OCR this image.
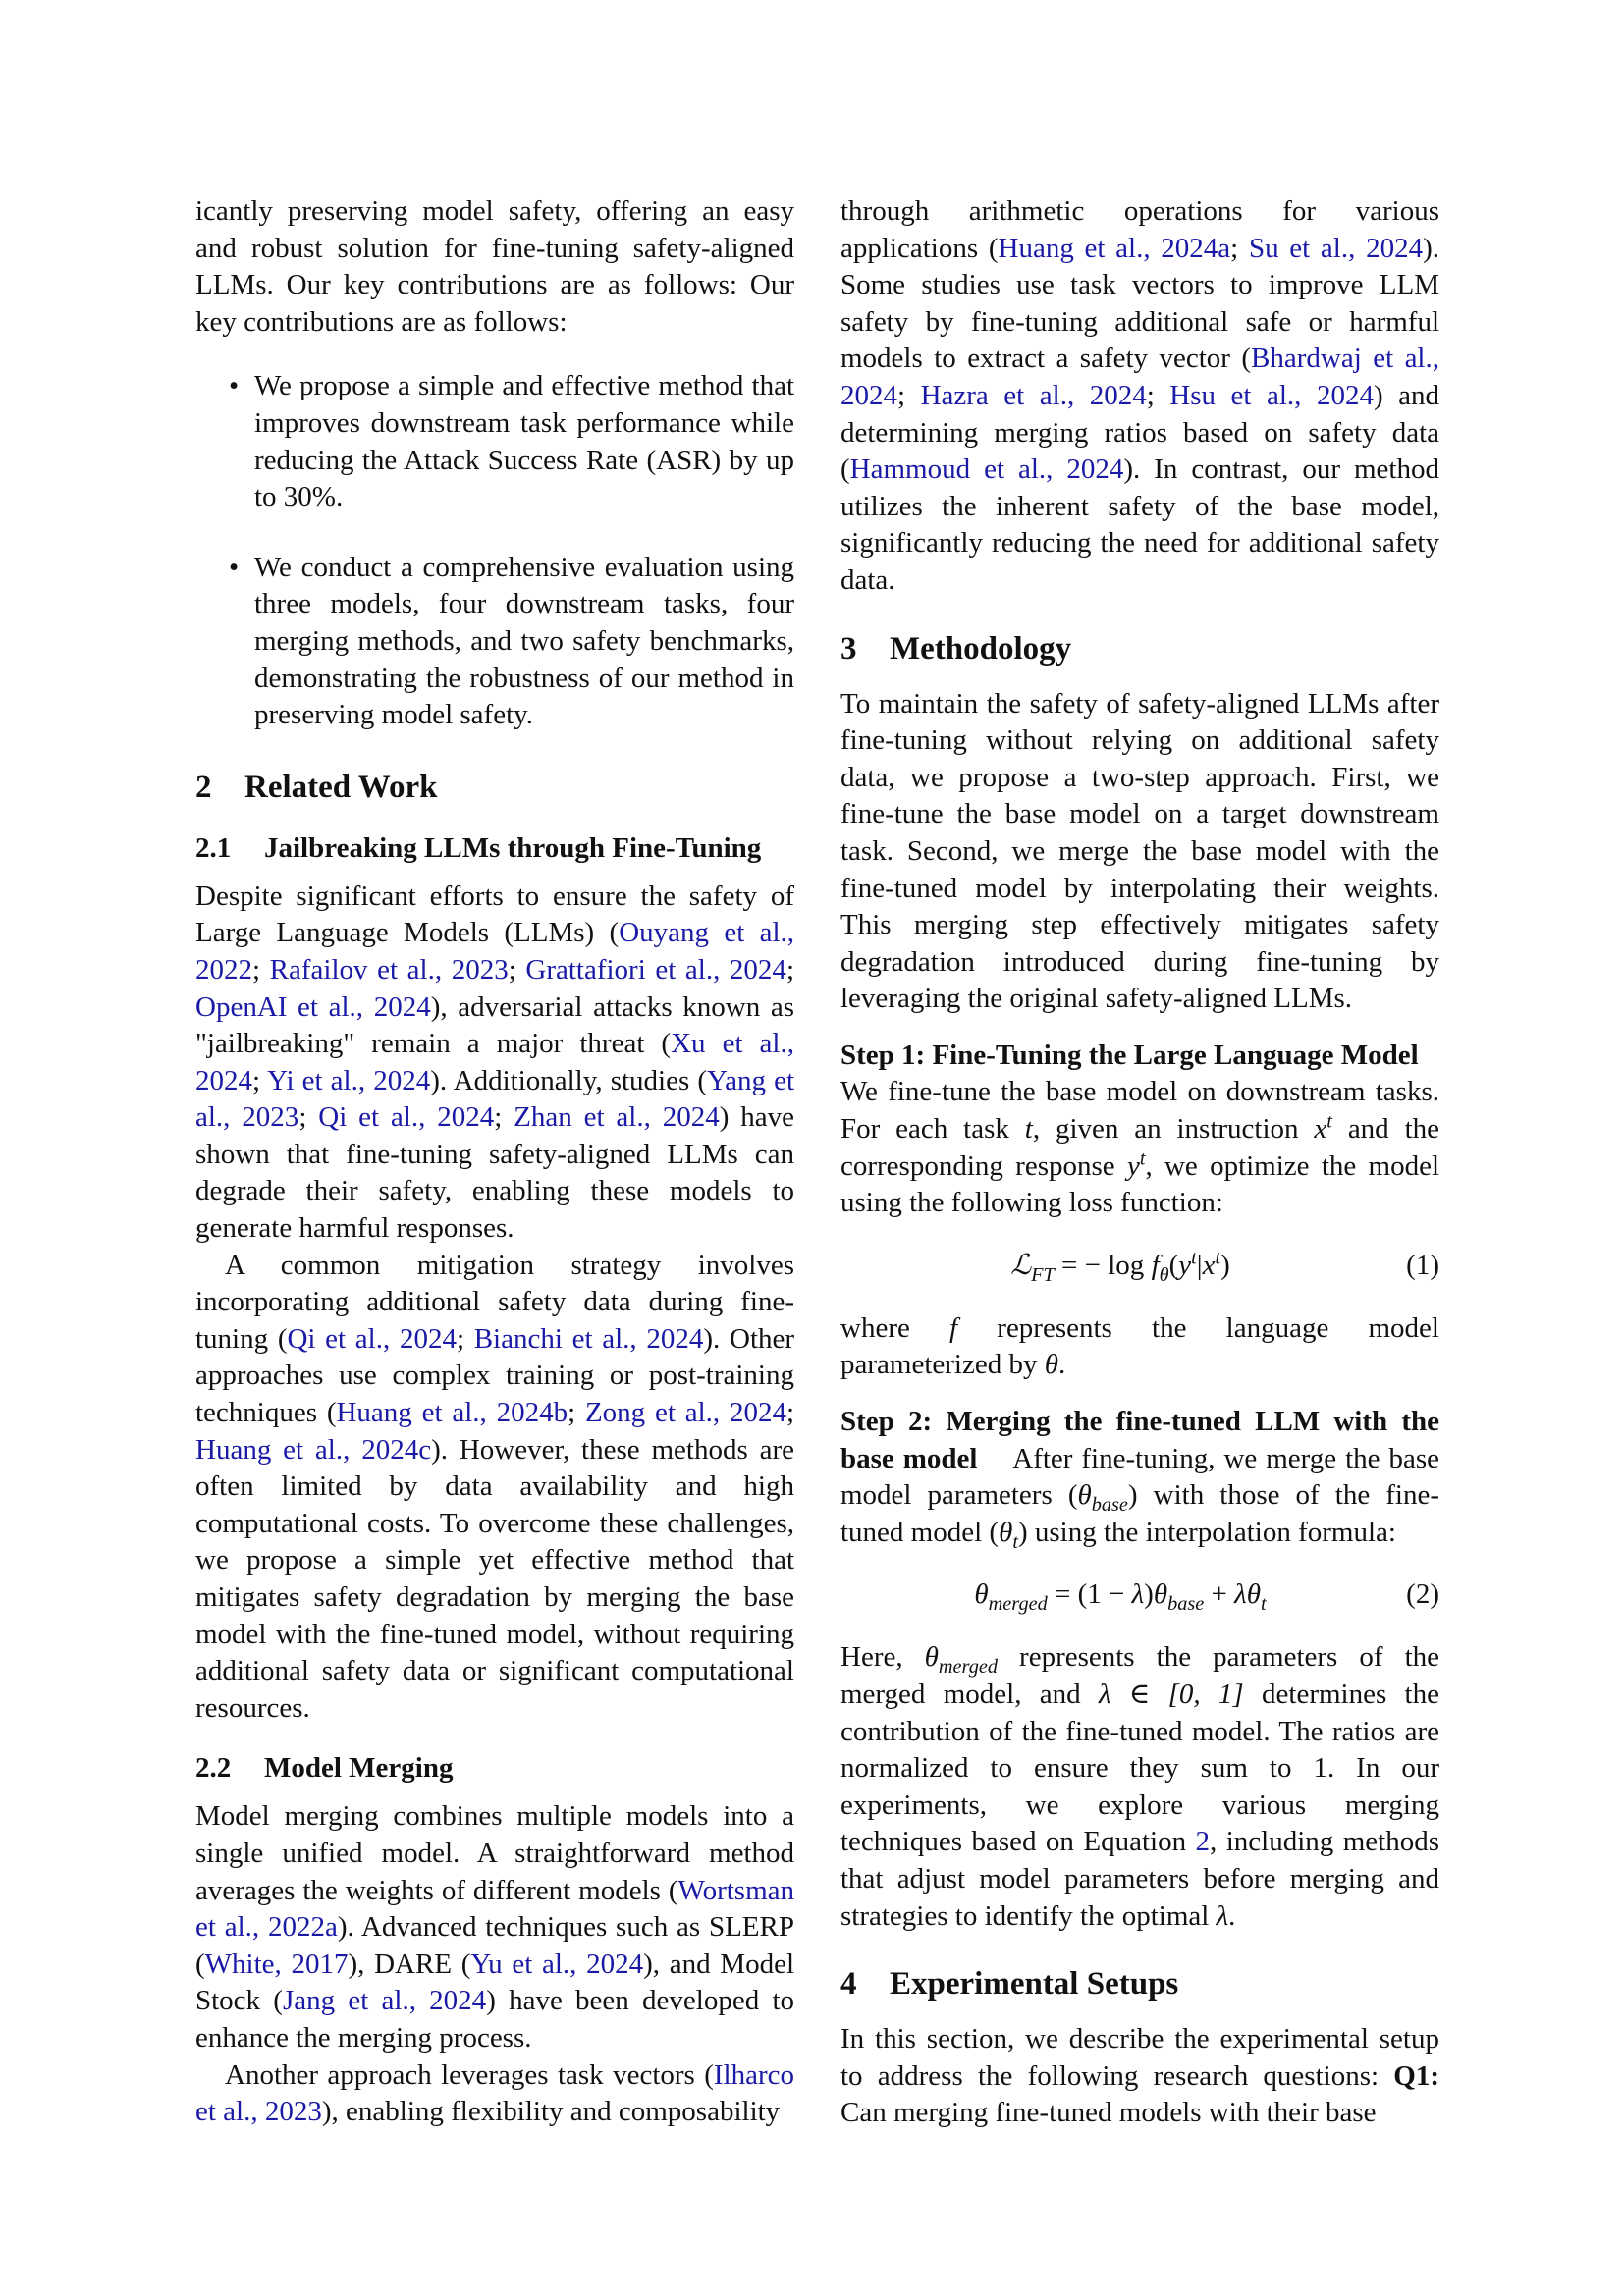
icantly preserving model safety, offering an easy and robust solution for fine-tuning safety-aligned LLMs. Our key contributions are as follows: Our key contributions are as follows:

• We propose a simple and effective method that improves downstream task performance while reducing the Attack Success Rate (ASR) by up to 30%.
• We conduct a comprehensive evaluation using three models, four downstream tasks, four merging methods, and two safety benchmarks, demonstrating the robustness of our method in preserving model safety.
2 Related Work
2.1 Jailbreaking LLMs through Fine-Tuning

Despite significant efforts to ensure the safety of Large Language Models (LLMs) (Ouyang et al., 2022; Rafailov et al., 2023; Grattafiori et al., 2024; OpenAI et al., 2024), adversarial attacks known as "jailbreaking" remain a major threat (Xu et al., 2024; Yi et al., 2024). Additionally, studies (Yang et al., 2023; Qi et al., 2024; Zhan et al., 2024) have shown that fine-tuning safety-aligned LLMs can degrade their safety, enabling these models to generate harmful responses.

A common mitigation strategy involves incorporating additional safety data during fine-tuning (Qi et al., 2024; Bianchi et al., 2024). Other approaches use complex training or post-training techniques (Huang et al., 2024b; Zong et al., 2024; Huang et al., 2024c). However, these methods are often limited by data availability and high computational costs. To overcome these challenges, we propose a simple yet effective method that mitigates safety degradation by merging the base model with the fine-tuned model, without requiring additional safety data or significant computational resources.

2.2 Model Merging

Model merging combines multiple models into a single unified model. A straightforward method averages the weights of different models (Wortsman et al., 2022a). Advanced techniques such as SLERP (White, 2017), DARE (Yu et al., 2024), and Model Stock (Jang et al., 2024) have been developed to enhance the merging process.

Another approach leverages task vectors (Ilharco et al., 2023), enabling flexibility and composability

through arithmetic operations for various applications (Huang et al., 2024a; Su et al., 2024). Some studies use task vectors to improve LLM safety by fine-tuning additional safe or harmful models to extract a safety vector (Bhardwaj et al., 2024; Hazra et al., 2024; Hsu et al., 2024) and determining merging ratios based on safety data (Hammoud et al., 2024). In contrast, our method utilizes the inherent safety of the base model, significantly reducing the need for additional safety data.

3 Methodology

To maintain the safety of safety-aligned LLMs after fine-tuning without relying on additional safety data, we propose a two-step approach. First, we fine-tune the base model on a target downstream task. Second, we merge the base model with the fine-tuned model by interpolating their weights. This merging step effectively mitigates safety degradation introduced during fine-tuning by leveraging the original safety-aligned LLMs.

Step 1: Fine-Tuning the Large Language Model
We fine-tune the base model on downstream tasks. For each task t, given an instruction $x^t$ and the corresponding response $y^t$, we optimize the model using the following loss function:

ℒ$_{FT}$ = − $\log f_\theta(y^t|x^t)$	(1)

where f represents the language model parameterized by θ.

Step 2: Merging the fine-tuned LLM with the base model After fine-tuning, we merge the base model parameters $(\theta_{base})$ with those of the fine-tuned model $(\theta_t)$ using the interpolation formula:

$\theta_{merged} = (1 - \lambda)\theta_{base} + \lambda\theta_t$	(2)

Here, $\theta_{merged}$ represents the parameters of the merged model, and λ ∈ [0, 1] determines the contribution of the fine-tuned model. The ratios are normalized to ensure they sum to 1. In our experiments, we explore various merging techniques based on Equation 2, including methods that adjust model parameters before merging and strategies to identify the optimal λ.

4 Experimental Setups

In this section, we describe the experimental setup to address the following research questions: Q1: Can merging fine-tuned models with their base
